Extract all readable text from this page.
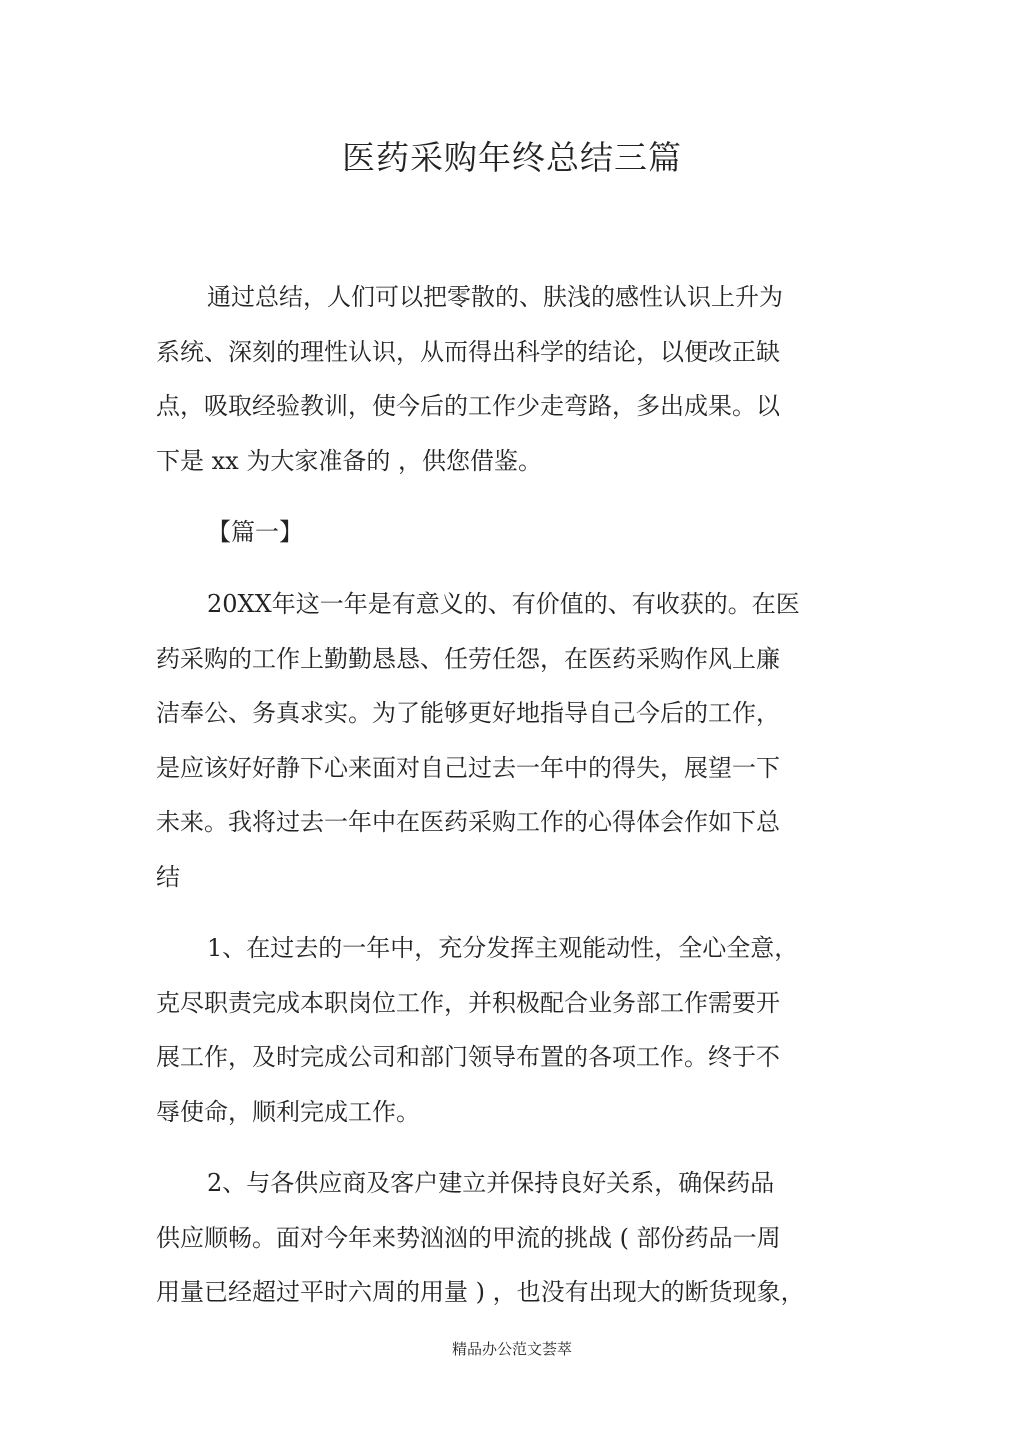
医药采购年终总结三篇
通过总结，人们可以把零散的、肤浅的感性认识上升为
系统、深刻的理性认识，从而得出科学的结论，以便改正缺
点，吸取经验教训，使今后的工作少走弯路，多出成果。以
下是 xx 为大家准备的 ，供您借鉴。
【篇一】
20XX年这一年是有意义的、有价值的、有收获的。在医
药采购的工作上勤勤恳恳、任劳任怨，在医药采购作风上廉
洁奉公、务真求实。为了能够更好地指导自己今后的工作，
是应该好好静下心来面对自己过去一年中的得失，展望一下
未来。我将过去一年中在医药采购工作的心得体会作如下总
结
1、在过去的一年中，充分发挥主观能动性，全心全意，
克尽职责完成本职岗位工作，并积极配合业务部工作需要开
展工作，及时完成公司和部门领导布置的各项工作。终于不
辱使命，顺利完成工作。
2、与各供应商及客户建立并保持良好关系，确保药品
供应顺畅。面对今年来势汹汹的甲流的挑战 ( 部份药品一周
用量已经超过平时六周的用量 ) ，也没有出现大的断货现象，
精品办公范文荟萃
